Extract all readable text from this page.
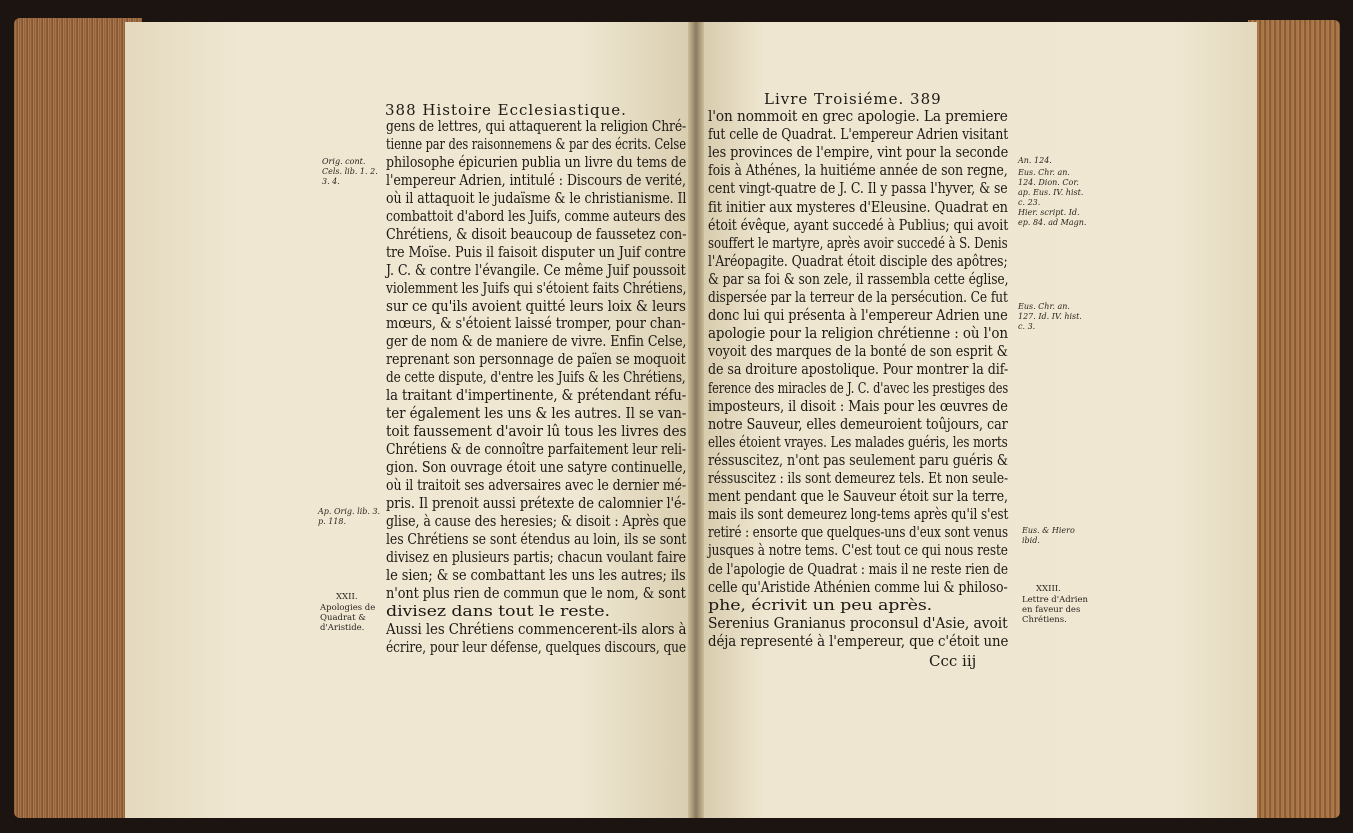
388 Histoire Ecclesiastique.
gens de lettres, qui attaquerent la religion Chré-
tienne par des raisonnemens & par des écrits. Celse
philosophe épicurien publia un livre du tems de
l'empereur Adrien, intitulé : Discours de verité,
où il attaquoit le judaïsme & le christianisme. Il
combattoit d'abord les Juifs, comme auteurs des
Chrétiens, & disoit beaucoup de faussetez con-
tre Moïse. Puis il faisoit disputer un Juif contre
J. C. & contre l'évangile. Ce même Juif poussoit
violemment les Juifs qui s'étoient faits Chrétiens,
sur ce qu'ils avoient quitté leurs loix & leurs
mœurs, & s'étoient laissé tromper, pour chan-
ger de nom & de maniere de vivre. Enfin Celse,
reprenant son personnage de païen se moquoit
de cette dispute, d'entre les Juifs & les Chrétiens,
la traitant d'impertinente, & prétendant réfu-
ter également les uns & les autres. Il se van-
toit faussement d'avoir lû tous les livres des
Chrétiens & de connoître parfaitement leur reli-
gion. Son ouvrage étoit une satyre continuelle,
où il traitoit ses adversaires avec le dernier mé-
pris. Il prenoit aussi prétexte de calomnier l'é-
glise, à cause des heresies; & disoit : Après que
les Chrétiens se sont étendus au loin, ils se sont
divisez en plusieurs partis; chacun voulant faire
le sien; & se combattant les uns les autres; ils
n'ont plus rien de commun que le nom, & sont
divisez dans tout le reste.
Aussi les Chrétiens commencerent-ils alors à
écrire, pour leur défense, quelques discours, que
Orig. cont.
Cels. lib. 1. 2.
3. 4.
Ap. Orig. lib. 3.
p. 118.
XXII.
Apologies de
Quadrat &
d'Aristide.
Livre Troisiéme. 389
l'on nommoit en grec apologie. La premiere
fut celle de Quadrat. L'empereur Adrien visitant
les provinces de l'empire, vint pour la seconde
fois à Athénes, la huitiéme année de son regne,
cent vingt-quatre de J. C. Il y passa l'hyver, & se
fit initier aux mysteres d'Eleusine. Quadrat en
étoit évêque, ayant succedé à Publius; qui avoit
souffert le martyre, après avoir succedé à S. Denis
l'Aréopagite. Quadrat étoit disciple des apôtres;
& par sa foi & son zele, il rassembla cette église,
dispersée par la terreur de la persécution. Ce fut
donc lui qui présenta à l'empereur Adrien une
apologie pour la religion chrétienne : où l'on
voyoit des marques de la bonté de son esprit &
de sa droiture apostolique. Pour montrer la dif-
ference des miracles de J. C. d'avec les prestiges des
imposteurs, il disoit : Mais pour les œuvres de
notre Sauveur, elles demeuroient toûjours, car
elles étoient vrayes. Les malades guéris, les morts
réssuscitez, n'ont pas seulement paru guéris &
réssuscitez : ils sont demeurez tels. Et non seule-
ment pendant que le Sauveur étoit sur la terre,
mais ils sont demeurez long-tems après qu'il s'est
retiré : ensorte que quelques-uns d'eux sont venus
jusques à notre tems. C'est tout ce qui nous reste
de l'apologie de Quadrat : mais il ne reste rien de
celle qu'Aristide Athénien comme lui & philoso-
phe, écrivit un peu après.
Serenius Granianus proconsul d'Asie, avoit
déja representé à l'empereur, que c'étoit une
Ccc iij
An. 124.
Eus. Chr. an.
124. Dion. Cor.
ap. Eus. IV. hist.
c. 23.
Hier. script. Id.
ep. 84. ad Magn.
Eus. Chr. an.
127. Id. IV. hist.
c. 3.
Eus. & Hiero
ibid.
XXIII.
Lettre d'Adrien
en faveur des
Chrétiens.
